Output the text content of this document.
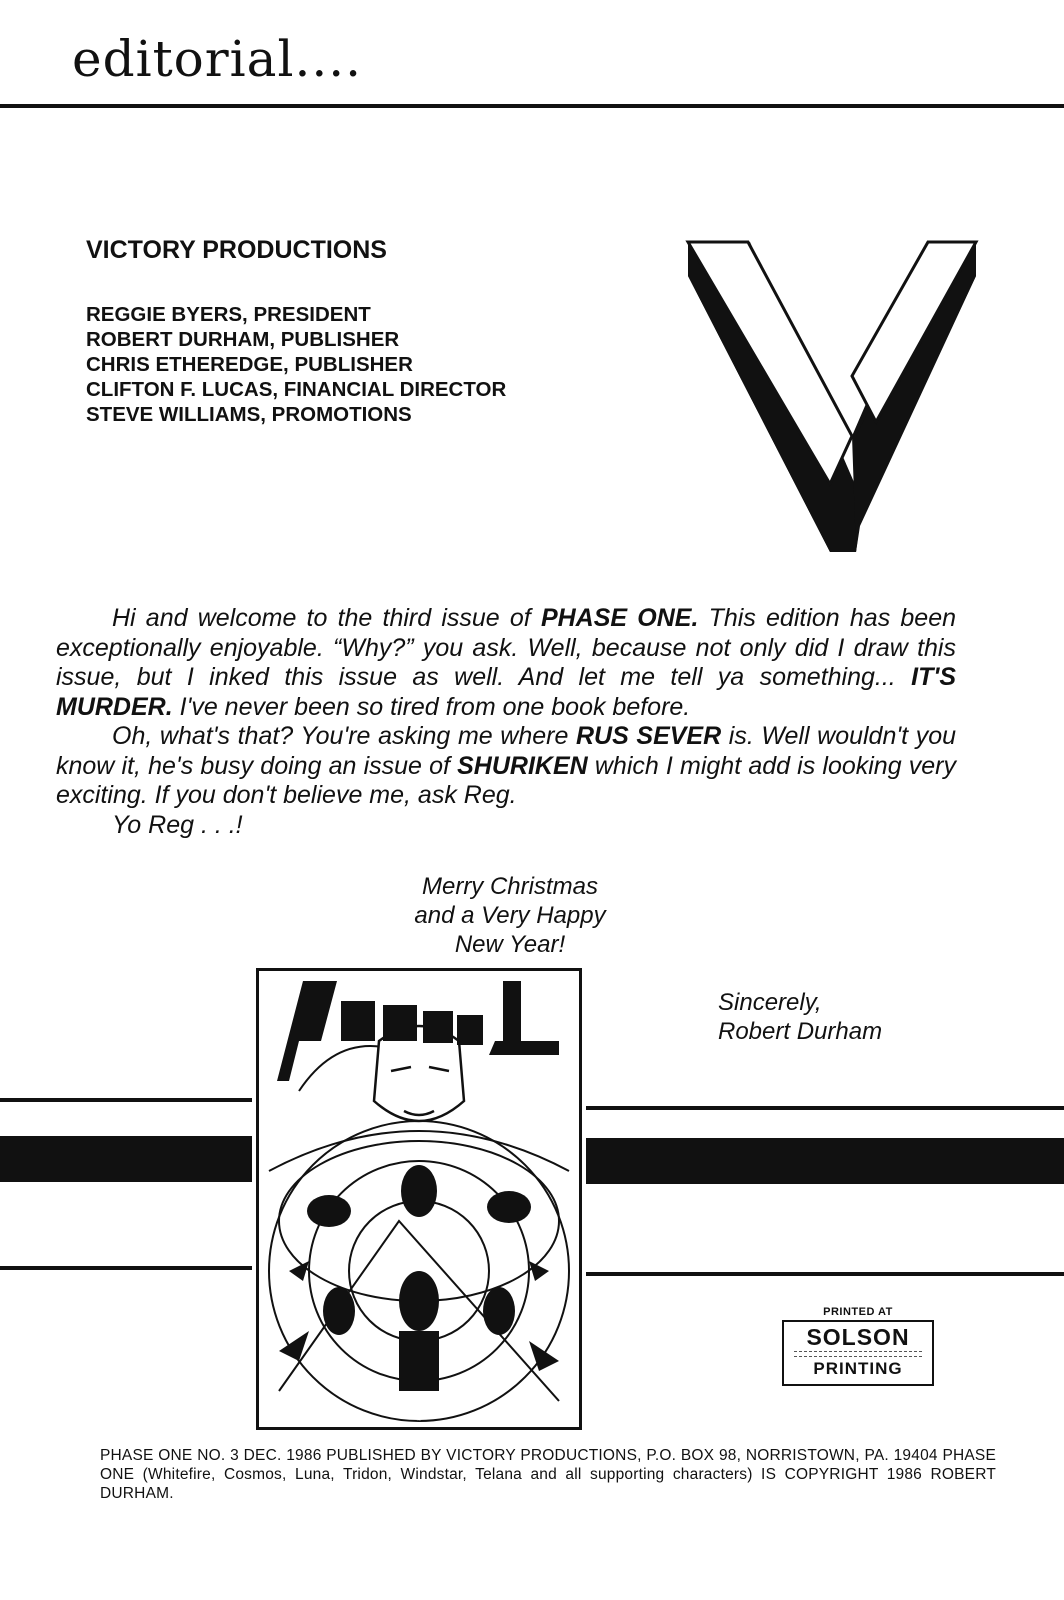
editorial....
VICTORY PRODUCTIONS
REGGIE BYERS, PRESIDENT
ROBERT DURHAM, PUBLISHER
CHRIS ETHEREDGE, PUBLISHER
CLIFTON F. LUCAS, FINANCIAL DIRECTOR
STEVE WILLIAMS, PROMOTIONS

Hi and welcome to the third issue of PHASE ONE. This edition has been exceptionally enjoyable. “Why?” you ask. Well, because not only did I draw this issue, but I inked this issue as well. And let me tell ya something... IT'S MURDER. I've never been so tired from one book before.

Oh, what's that? You're asking me where RUS SEVER is. Well wouldn't you know it, he's busy doing an issue of SHURIKEN which I might add is looking very exciting. If you don't believe me, ask Reg.

Yo Reg . . .!

Merry Christmas
and a Very Happy
New Year!
Sincerely,
Robert Durham
PHASE 1
PRINTED AT
SOLSON
PRINTING
PHASE ONE NO. 3 DEC. 1986 PUBLISHED BY VICTORY PRODUCTIONS, P.O. BOX 98, NORRISTOWN, PA. 19404 PHASE ONE (Whitefire, Cosmos, Luna, Tridon, Windstar, Telana and all supporting characters) IS COPYRIGHT 1986 ROBERT DURHAM.
